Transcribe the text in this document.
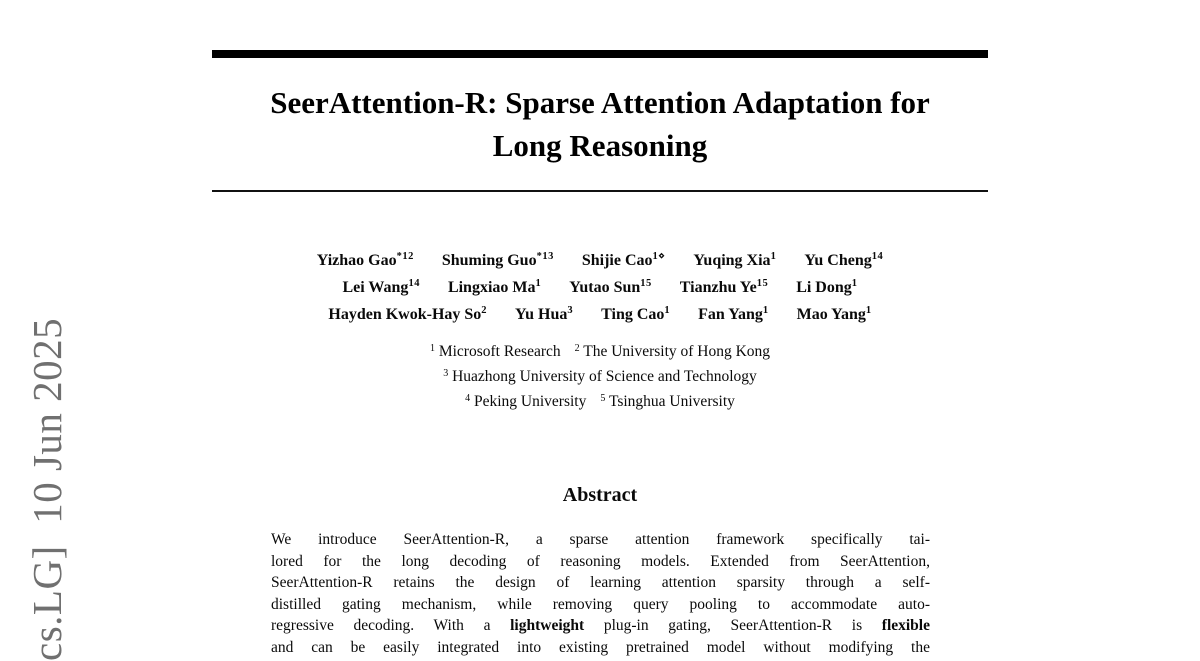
cs.LG]  10 Jun 2025
SeerAttention-R: Sparse Attention Adaptation for
Long Reasoning
Yizhao Gao$^{*12}$ Shuming Guo$^{*13}$ Shijie Cao$^{1⋄}$ Yuqing Xia$^1$ Yu Cheng$^{14}$
Lei Wang$^{14}$ Lingxiao Ma$^1$ Yutao Sun$^{15}$ Tianzhu Ye$^{15}$ Li Dong$^1$
Hayden Kwok-Hay So$^2$ Yu Hua$^3$ Ting Cao$^1$ Fan Yang$^1$ Mao Yang$^1$
$^1$ Microsoft Research $^2$ The University of Hong Kong
$^3$ Huazhong University of Science and Technology
$^4$ Peking University $^5$ Tsinghua University
Abstract
We introduce SeerAttention-R, a sparse attention framework specifically tai-
lored for the long decoding of reasoning models. Extended from SeerAttention,
SeerAttention-R retains the design of learning attention sparsity through a self-
distilled gating mechanism, while removing query pooling to accommodate auto-
regressive decoding. With a lightweight plug-in gating, SeerAttention-R is flexible
and can be easily integrated into existing pretrained model without modifying the
